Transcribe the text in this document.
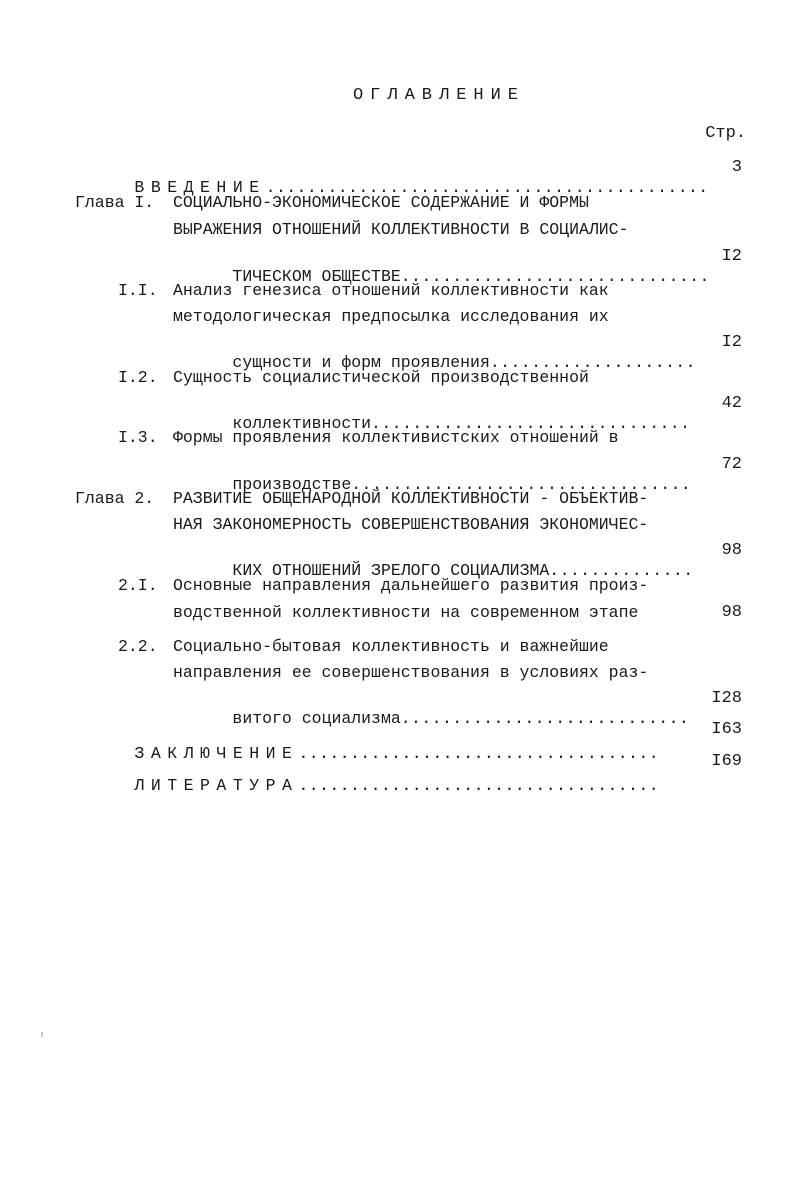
ОГЛАВЛЕНИЕ
Стр.

ВВЕДЕНИЕ...........................................

3
Глава I. СОЦИАЛЬНО-ЭКОНОМИЧЕСКОЕ СОДЕРЖАНИЕ И ФОРМЫ
ВЫРАЖЕНИЯ ОТНОШЕНИЙ КОЛЛЕКТИВНОСТИ В СОЦИАЛИС-

ТИЧЕСКОМ ОБЩЕСТВЕ..............................

I2
I.I. Анализ генезиса отношений коллективности как
методологическая предпосылка исследования их

сущности и форм проявления....................

I2
I.2. Сущность социалистической производственной

коллективности...............................

42
I.3. Формы проявления коллективистских отношений в

производстве.................................

72
Глава 2. РАЗВИТИЕ ОБЩЕНАРОДНОЙ КОЛЛЕКТИВНОСТИ - ОБЪЕКТИВ-
НАЯ ЗАКОНОМЕРНОСТЬ СОВЕРШЕНСТВОВАНИЯ ЭКОНОМИЧЕС-

КИХ ОТНОШЕНИЙ ЗРЕЛОГО СОЦИАЛИЗМА..............

98
2.I. Основные направления дальнейшего развития произ-
водственной коллективности на современном этапе	98
2.2. Социально-бытовая коллективность и важнейшие
направления ее совершенствования в условиях раз-

витого социализма............................

I28

ЗАКЛЮЧЕНИЕ...................................

I63

ЛИТЕРАТУРА...................................

I69
